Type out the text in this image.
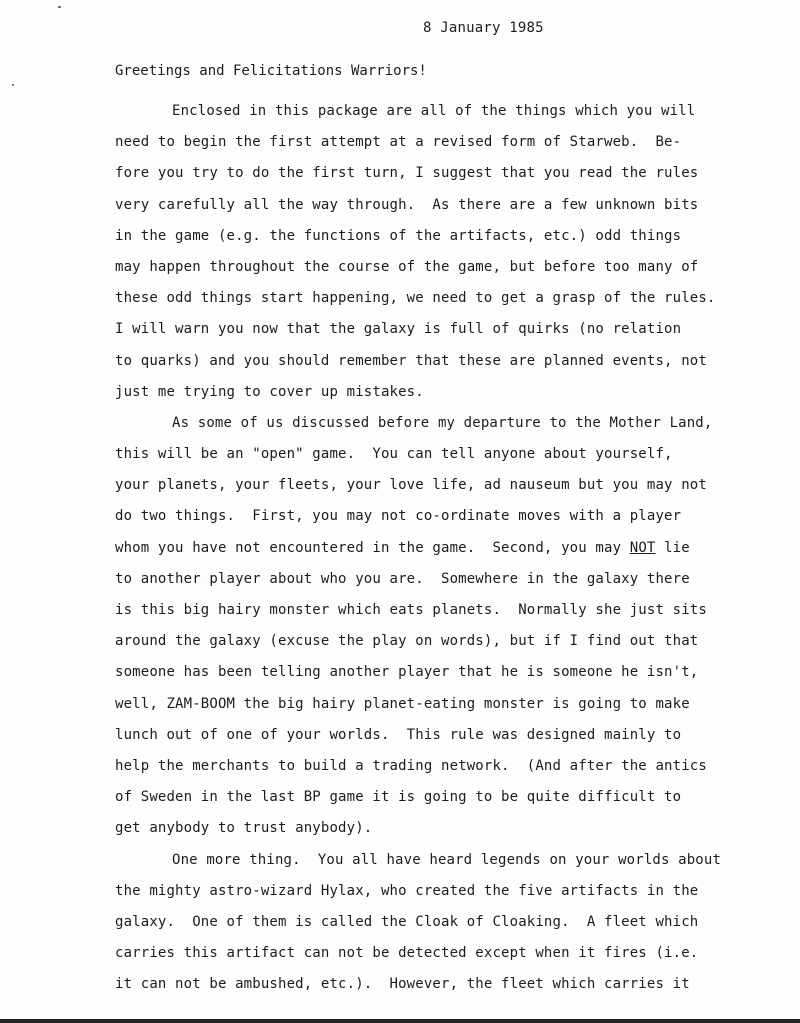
8 January 1985
Greetings and Felicitations Warriors!
Enclosed in this package are all of the things which you will
need to begin the first attempt at a revised form of Starweb.  Be-
fore you try to do the first turn, I suggest that you read the rules
very carefully all the way through.  As there are a few unknown bits
in the game (e.g. the functions of the artifacts, etc.) odd things
may happen throughout the course of the game, but before too many of
these odd things start happening, we need to get a grasp of the rules.
I will warn you now that the galaxy is full of quirks (no relation
to quarks) and you should remember that these are planned events, not
just me trying to cover up mistakes.
As some of us discussed before my departure to the Mother Land,
this will be an "open" game.  You can tell anyone about yourself,
your planets, your fleets, your love life, ad nauseum but you may not
do two things.  First, you may not co-ordinate moves with a player
whom you have not encountered in the game.  Second, you may NOT lie
to another player about who you are.  Somewhere in the galaxy there
is this big hairy monster which eats planets.  Normally she just sits
around the galaxy (excuse the play on words), but if I find out that
someone has been telling another player that he is someone he isn't,
well, ZAM-BOOM the big hairy planet-eating monster is going to make
lunch out of one of your worlds.  This rule was designed mainly to
help the merchants to build a trading network.  (And after the antics
of Sweden in the last BP game it is going to be quite difficult to
get anybody to trust anybody).
One more thing.  You all have heard legends on your worlds about
the mighty astro-wizard Hylax, who created the five artifacts in the
galaxy.  One of them is called the Cloak of Cloaking.  A fleet which
carries this artifact can not be detected except when it fires (i.e.
it can not be ambushed, etc.).  However, the fleet which carries it
